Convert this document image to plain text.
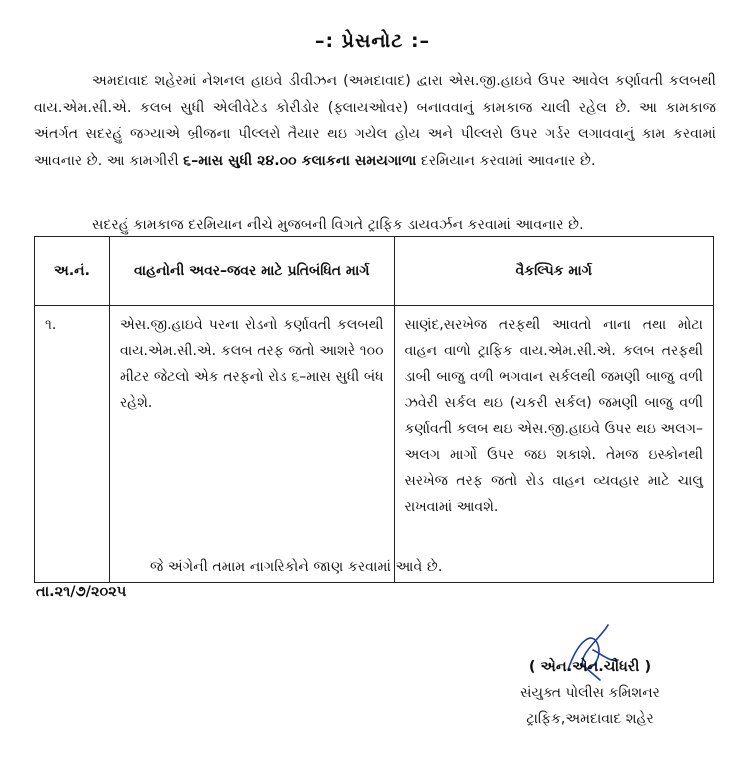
–: પ્રેસનોટ :–

અમદાવાદ શહેરમાં નેશનલ હાઇવે ડીવીઝન (અમદાવાદ) દ્વારા એસ.જી.હાઇવે ઉપર આવેલ કર્ણાવતી કલબથી વાય.એમ.સી.એ. કલબ સુધી એલીવેટેડ કોરીડોર (ફ્લાયઓવર) બનાવવાનું કામકાજ ચાલી રહેલ છે. આ કામકાજ અંતર્ગત સદરહું જગ્યાએ બ્રીજના પીલ્લરો તૈયાર થઇ ગયેલ હોય અને પીલ્લરો ઉપર ગર્ડર લગાવવાનું કામ કરવામાં આવનાર છે. આ કામગીરી ૬–માસ સુધી ૨૪.૦૦ કલાકના સમયગાળા દરમિયાન કરવામાં આવનાર છે.

સદરહું કામકાજ દરમિયાન નીચે મુજબની વિગતે ટ્રાફિક ડાયવર્ઝન કરવામાં આવનાર છે.

અ.નં.	વાહનોની અવર–જવર માટે પ્રતિબંધિત માર્ગ	વૈકલ્પિક માર્ગ
૧.	એસ.જી.હાઇવે પરના રોડનો કર્ણાવતી કલબથી વાય.એમ.સી.એ. કલબ તરફ જતો આશરે ૧૦૦ મીટર જેટલો એક તરફનો રોડ ૬–માસ સુધી બંધ રહેશે.	સાણંદ,સરખેજ તરફથી આવતો નાના તથા મોટા વાહન વાળો ટ્રાફિક વાય.એમ.સી.એ. કલબ તરફથી ડાબી બાજુ વળી ભગવાન સર્કલથી જમણી બાજુ વળી ઝવેરી સર્કલ થઇ (ચકરી સર્કલ) જમણી બાજુ વળી કર્ણાવતી કલબ થઇ એસ.જી.હાઇવે ઉપર થઇ અલગ–અલગ માર્ગો ઉપર જઇ શકાશે. તેમજ ઇસ્કોનથી સરખેજ તરફ જતો રોડ વાહન વ્યવહાર માટે ચાલુ રાખવામાં આવશે.
જે અંગેની તમામ નાગરિકોને જાણ કરવામાં આવે છે.
તા.૨૧/૭/૨૦૨૫
( એન.એન.ચૌધરી )
સંયુક્ત પોલીસ કમિશનર
ટ્રાફિક,અમદાવાદ શહેર
